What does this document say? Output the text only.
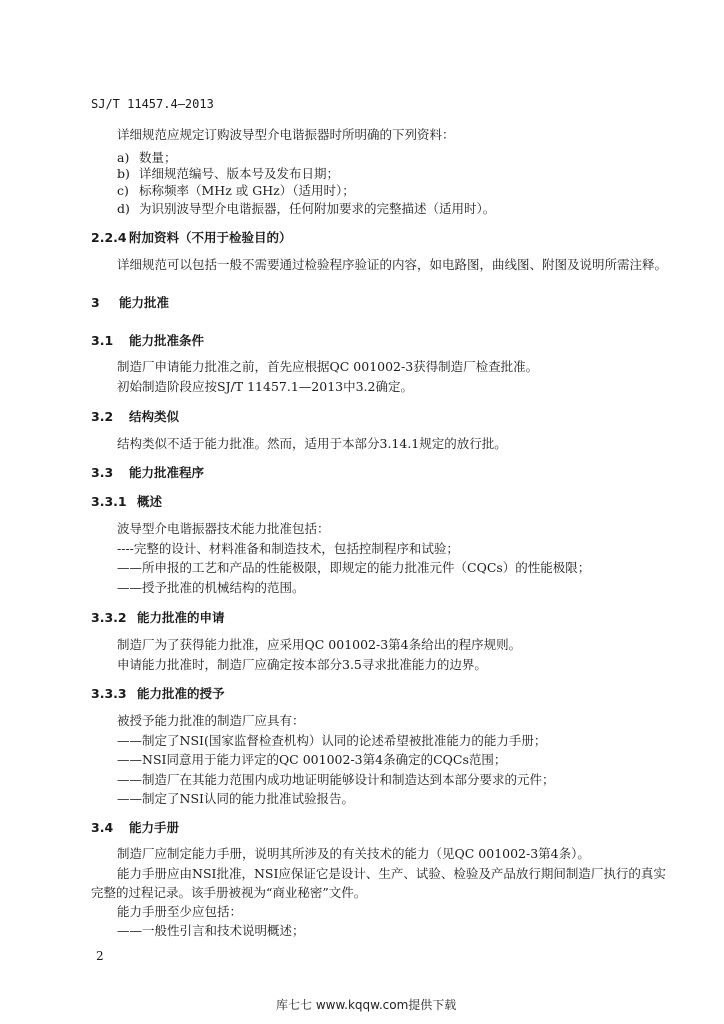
SJ/T 11457.4—2013
详细规范应规定订购波导型介电谐振器时所明确的下列资料：
a) 数量；
b) 详细规范编号、版本号及发布日期；
c) 标称频率（MHz 或 GHz）（适用时）；
d) 为识别波导型介电谐振器，任何附加要求的完整描述（适用时）。
2.2.4 附加资料（不用于检验目的）
详细规范可以包括一般不需要通过检验程序验证的内容，如电路图，曲线图、附图及说明所需注释。
3 能力批准
3.1 能力批准条件
制造厂申请能力批准之前，首先应根据QC 001002-3获得制造厂检查批准。
初始制造阶段应按SJ/T 11457.1—2013中3.2确定。
3.2 结构类似
结构类似不适于能力批准。然而，适用于本部分3.14.1规定的放行批。
3.3 能力批准程序
3.3.1 概述
波导型介电谐振器技术能力批准包括：
----完整的设计、材料准备和制造技术，包括控制程序和试验；
——所申报的工艺和产品的性能极限，即规定的能力批准元件（CQCs）的性能极限；
——授予批准的机械结构的范围。
3.3.2 能力批准的申请
制造厂为了获得能力批准，应采用QC 001002-3第4条给出的程序规则。
申请能力批准时，制造厂应确定按本部分3.5寻求批准能力的边界。
3.3.3 能力批准的授予
被授予能力批准的制造厂应具有：
——制定了NSI(国家监督检查机构）认同的论述希望被批准能力的能力手册；
——NSI同意用于能力评定的QC 001002-3第4条确定的CQCs范围；
——制造厂在其能力范围内成功地证明能够设计和制造达到本部分要求的元件；
——制定了NSI认同的能力批准试验报告。
3.4 能力手册
制造厂应制定能力手册，说明其所涉及的有关技术的能力（见QC 001002-3第4条）。
能力手册应由NSI批准，NSI应保证它是设计、生产、试验、检验及产品放行期间制造厂执行的真实
完整的过程记录。该手册被视为“商业秘密”文件。
能力手册至少应包括：
——一般性引言和技术说明概述；
2
库七七 www.kqqw.com提供下载
